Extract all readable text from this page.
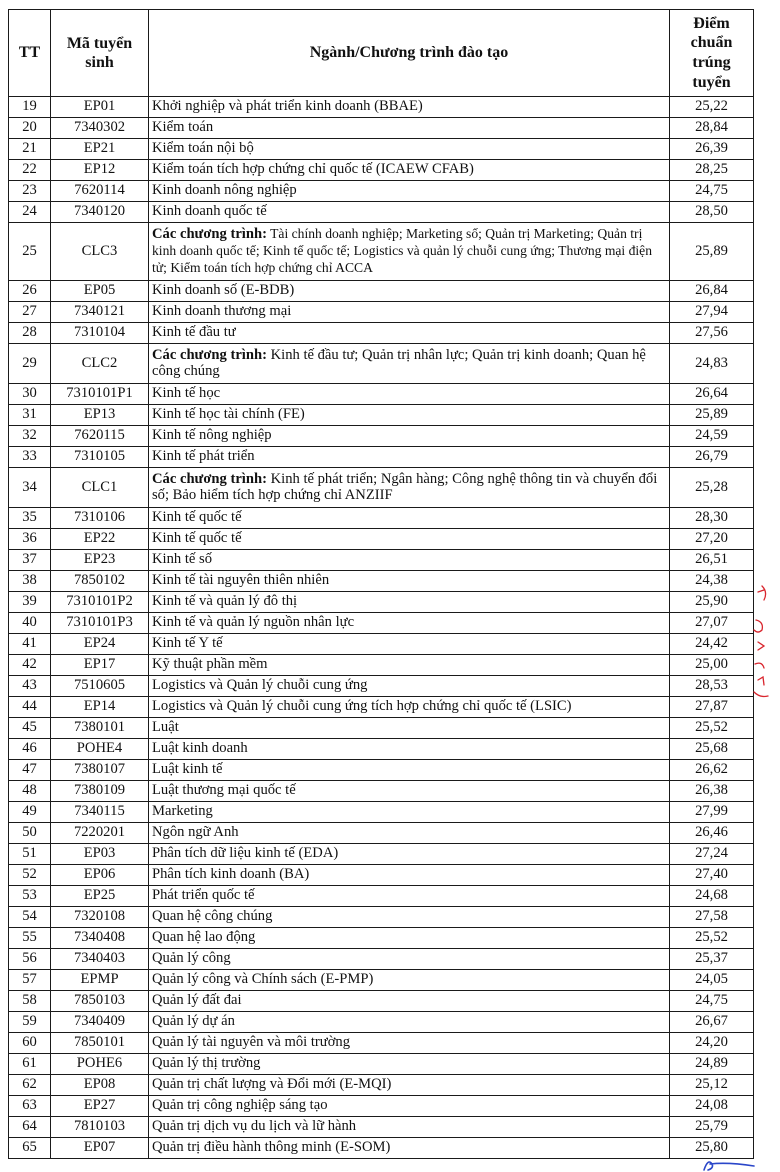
TT	Mã tuyển sinh	Ngành/Chương trình đào tạo	Điểm chuẩn trúng tuyển
19	EP01	Khởi nghiệp và phát triển kinh doanh (BBAE)	25,22
20	7340302	Kiểm toán	28,84
21	EP21	Kiểm toán nội bộ	26,39
22	EP12	Kiểm toán tích hợp chứng chỉ quốc tế (ICAEW CFAB)	28,25
23	7620114	Kinh doanh nông nghiệp	24,75
24	7340120	Kinh doanh quốc tế	28,50
25	CLC3	Các chương trình: Tài chính doanh nghiệp; Marketing số; Quản trị Marketing; Quản trị kinh doanh quốc tế; Kinh tế quốc tế; Logistics và quản lý chuỗi cung ứng; Thương mại điện tử; Kiểm toán tích hợp chứng chỉ ACCA	25,89
26	EP05	Kinh doanh số (E-BDB)	26,84
27	7340121	Kinh doanh thương mại	27,94
28	7310104	Kinh tế đầu tư	27,56
29	CLC2	Các chương trình: Kinh tế đầu tư; Quản trị nhân lực; Quản trị kinh doanh; Quan hệ công chúng	24,83
30	7310101P1	Kinh tế học	26,64
31	EP13	Kinh tế học tài chính (FE)	25,89
32	7620115	Kinh tế nông nghiệp	24,59
33	7310105	Kinh tế phát triển	26,79
34	CLC1	Các chương trình: Kinh tế phát triển; Ngân hàng; Công nghệ thông tin và chuyển đổi số; Bảo hiểm tích hợp chứng chỉ ANZIIF	25,28
35	7310106	Kinh tế quốc tế	28,30
36	EP22	Kinh tế quốc tế	27,20
37	EP23	Kinh tế số	26,51
38	7850102	Kinh tế tài nguyên thiên nhiên	24,38
39	7310101P2	Kinh tế và quản lý đô thị	25,90
40	7310101P3	Kinh tế và quản lý nguồn nhân lực	27,07
41	EP24	Kinh tế Y tế	24,42
42	EP17	Kỹ thuật phần mềm	25,00
43	7510605	Logistics và Quản lý chuỗi cung ứng	28,53
44	EP14	Logistics và Quản lý chuỗi cung ứng tích hợp chứng chỉ quốc tế (LSIC)	27,87
45	7380101	Luật	25,52
46	POHE4	Luật kinh doanh	25,68
47	7380107	Luật kinh tế	26,62
48	7380109	Luật thương mại quốc tế	26,38
49	7340115	Marketing	27,99
50	7220201	Ngôn ngữ Anh	26,46
51	EP03	Phân tích dữ liệu kinh tế (EDA)	27,24
52	EP06	Phân tích kinh doanh (BA)	27,40
53	EP25	Phát triển quốc tế	24,68
54	7320108	Quan hệ công chúng	27,58
55	7340408	Quan hệ lao động	25,52
56	7340403	Quản lý công	25,37
57	EPMP	Quản lý công và Chính sách (E-PMP)	24,05
58	7850103	Quản lý đất đai	24,75
59	7340409	Quản lý dự án	26,67
60	7850101	Quản lý tài nguyên và môi trường	24,20
61	POHE6	Quản lý thị trường	24,89
62	EP08	Quản trị chất lượng và Đổi mới (E-MQI)	25,12
63	EP27	Quản trị công nghiệp sáng tạo	24,08
64	7810103	Quản trị dịch vụ du lịch và lữ hành	25,79
65	EP07	Quản trị điều hành thông minh (E-SOM)	25,80
